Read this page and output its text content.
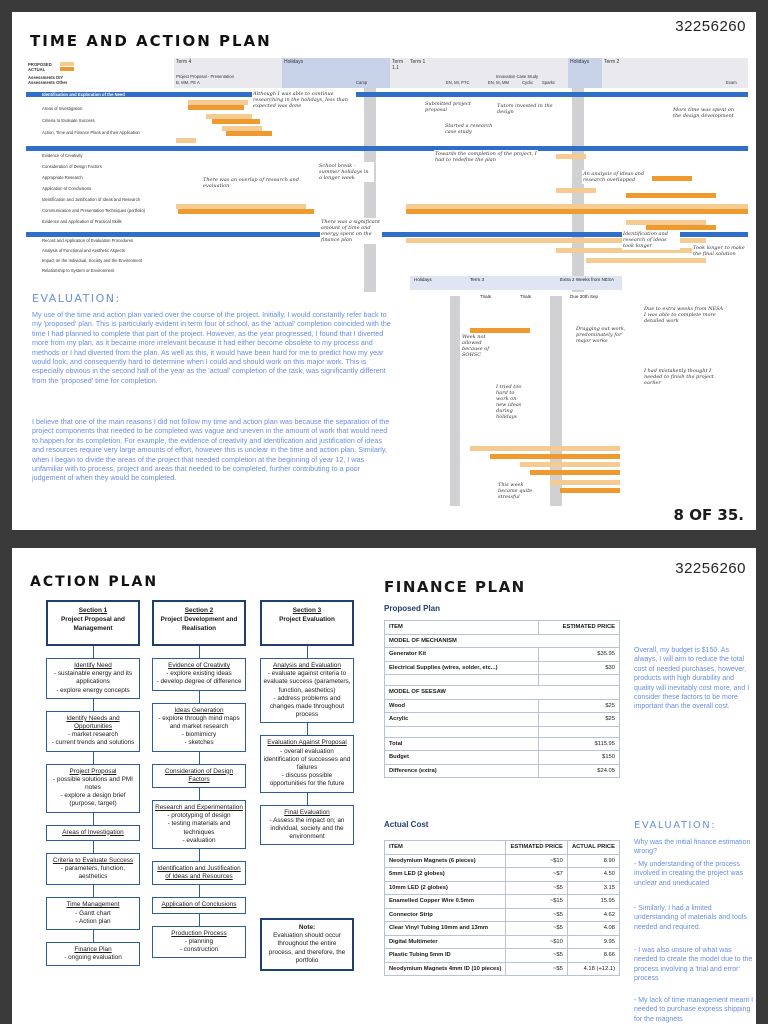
32256260
TIME AND ACTION PLAN
PROPOSED
ACTUAL
Assessments DIY
Assessments Other
Term 4	Holidays	Term 1.1
Term 1	Holidays	Term 2
Project Proposal - Presentation
B, MM, PE A	Camp
Innovation Case Study
EN, MI, PTC	EN, M, MM	Cyclic Sparkc	Exam
Identification and Exploration of the Need
Areas of Investigation
Criteria to Evaluate Success
Action, Time and Finance Plans and their Application
Evidence of Creativity
Consideration of Design Factors
Appropriate Research
Application of Conclusions
Identification and Justification of Ideas and Research
Communication and Presentation Techniques (portfolio)
Evidence and Application of Practical Skills
Record and Application of Evaluation Procedures
Analysis of Functional and Aesthetic Aspects
Impact on the Individual, Society and the Environment
Relationship to System or Environment
Although I was able to continue researching in the holidays, less than expected was done
There was an overlap of research and evaluation
School break - summer holidays in a longer week
There was a significant amount of time and energy spent on the finance plan
Submitted project proposal
Tutors invested in the design
Started a research case study
Towards the completion of the project, I had to redefine the plan
An analysis of ideas and research overlapped
More time was spent on the design development
Took longer to make the final solution
Identification and research of ideas took longer
EVALUATION:
My use of the time and action plan varied over the course of the project. Initially, I would constantly refer back to my 'proposed' plan. This is particularly evident in term four of school, as the 'actual' completion coincided with the time I had planned to complete that part of the project. However, as the year progressed, I found that I diverted more from my plan, as it became more irrelevant because it had either become obsolete to my process and methods or I had diverted from the plan. As well as this, it would have been hard for me to predict how my year would look, and consequently hard to determine when I could and should work on this major work. This is especially obvious in the second half of the year as the 'actual' completion of the task, was significantly different from the 'proposed' time for completion.
I believe that one of the main reasons I did not follow my time and action plan was because the separation of the project components that needed to be completed was vague and uneven in the amount of work that would need to happen for its completion. For example, the evidence of creativity and identification and justification of ideas and resources require very large amounts of effort, however this is unclear in the time and action plan. Similarly, when I began to divide the areas of the project that needed completion at the beginning of year 12, I was unfamiliar with to process, project and areas that needed to be completed, further contributing to a poor judgement of when they would be completed.
Holidays	Term 3	Extra 2 Weeks from NESA
Trials	Trials	Due 30th Sep
Week not allowed because of SOHSC
I tried too hard to work on new ideas during holidays
Dragging out work, predominately for major works
Due to extra weeks from NESA I was able to complete more detailed work
I had mistakenly thought I needed to finish the project earlier
This week became quite stressful
8 OF 35.
32256260
ACTION PLAN
Section 1
Project Proposal and Management
Identify Need
- sustainable energy and its applications
- explore energy concepts
Identify Needs and Opportunities
- market research
- current trends and solutions
Project Proposal
- possible solutions and PMI notes
- explore a design brief (purpose, target)
Areas of Investigation
Criteria to Evaluate Success
- parameters, function, aesthetics
Time Management
- Gantt chart
- Action plan
Finance Plan
- ongoing evaluation
Section 2
Project Development and Realisation
Evidence of Creativity
- explore existing ideas
- develop degree of difference
Ideas Generation
- explore through mind maps and market research
- biomimicry
- sketches
Consideration of Design Factors
Research and Experimentation
- prototyping of design
- testing materials and techniques
- evaluation
Identification and Justification of Ideas and Resources
Application of Conclusions
Production Process
- planning
- construction
Section 3
Project Evaluation
Analysis and Evaluation
- evaluate against criteria to evaluate success (parameters, function, aesthetics)
- address problems and changes made throughout process
Evaluation Against Proposal
- overall evaluation identification of successes and failures
- discuss possible opportunities for the future
Final Evaluation
- Assess the impact on; an individual, society and the environment
Note:
Evaluation should occur throughout the entire process, and therefore, the portfolio
FINANCE PLAN
Proposed Plan
ITEM	ESTIMATED PRICE
MODEL OF MECHANISM	
Generator Kit	$35.95
Electrical Supplies (wires, solder, etc...)	$30

MODEL OF SEESAW	
Wood	$25
Acrylic	$25

Total	$115.95
Budget	$150
Difference (extra)	$24.05
Overall, my budget is $150. As always, I will aim to reduce the total cost of needed purchases, however, products with high durability and quality will inevitably cost more, and I consider these factors to be more important than the overall cost.
Actual Cost
ITEM	ESTIMATED PRICE	ACTUAL PRICE
Neodymium Magnets (6 pieces)	~$10	8.90
5mm LED (2 globes)	~$7	4.50
10mm LED (2 globes)	~$5	3.15
Enamelled Copper Wire 0.5mm	~$15	15.95
Connector Strip	~$5	4.62
Clear Vinyl Tubing 10mm and 13mm	~$5	4.08
Digital Multimeter	~$10	9.95
Plastic Tubing 5mm ID	~$5	8.66
Neodymium Magnets 4mm ID (10 pieces)	~$5	4.18 (+12.1)
EVALUATION:
Why was the initial finance estimation wrong?
- My understanding of the process involved in creating the project was unclear and uneducated
- Similarly, I had a limited understanding of materials and tools needed and required.
- I was also unsure of what was needed to create the model due to the process involving a 'trial and error' process
- My lack of time management meant I needed to purchase express shipping for the magnets
